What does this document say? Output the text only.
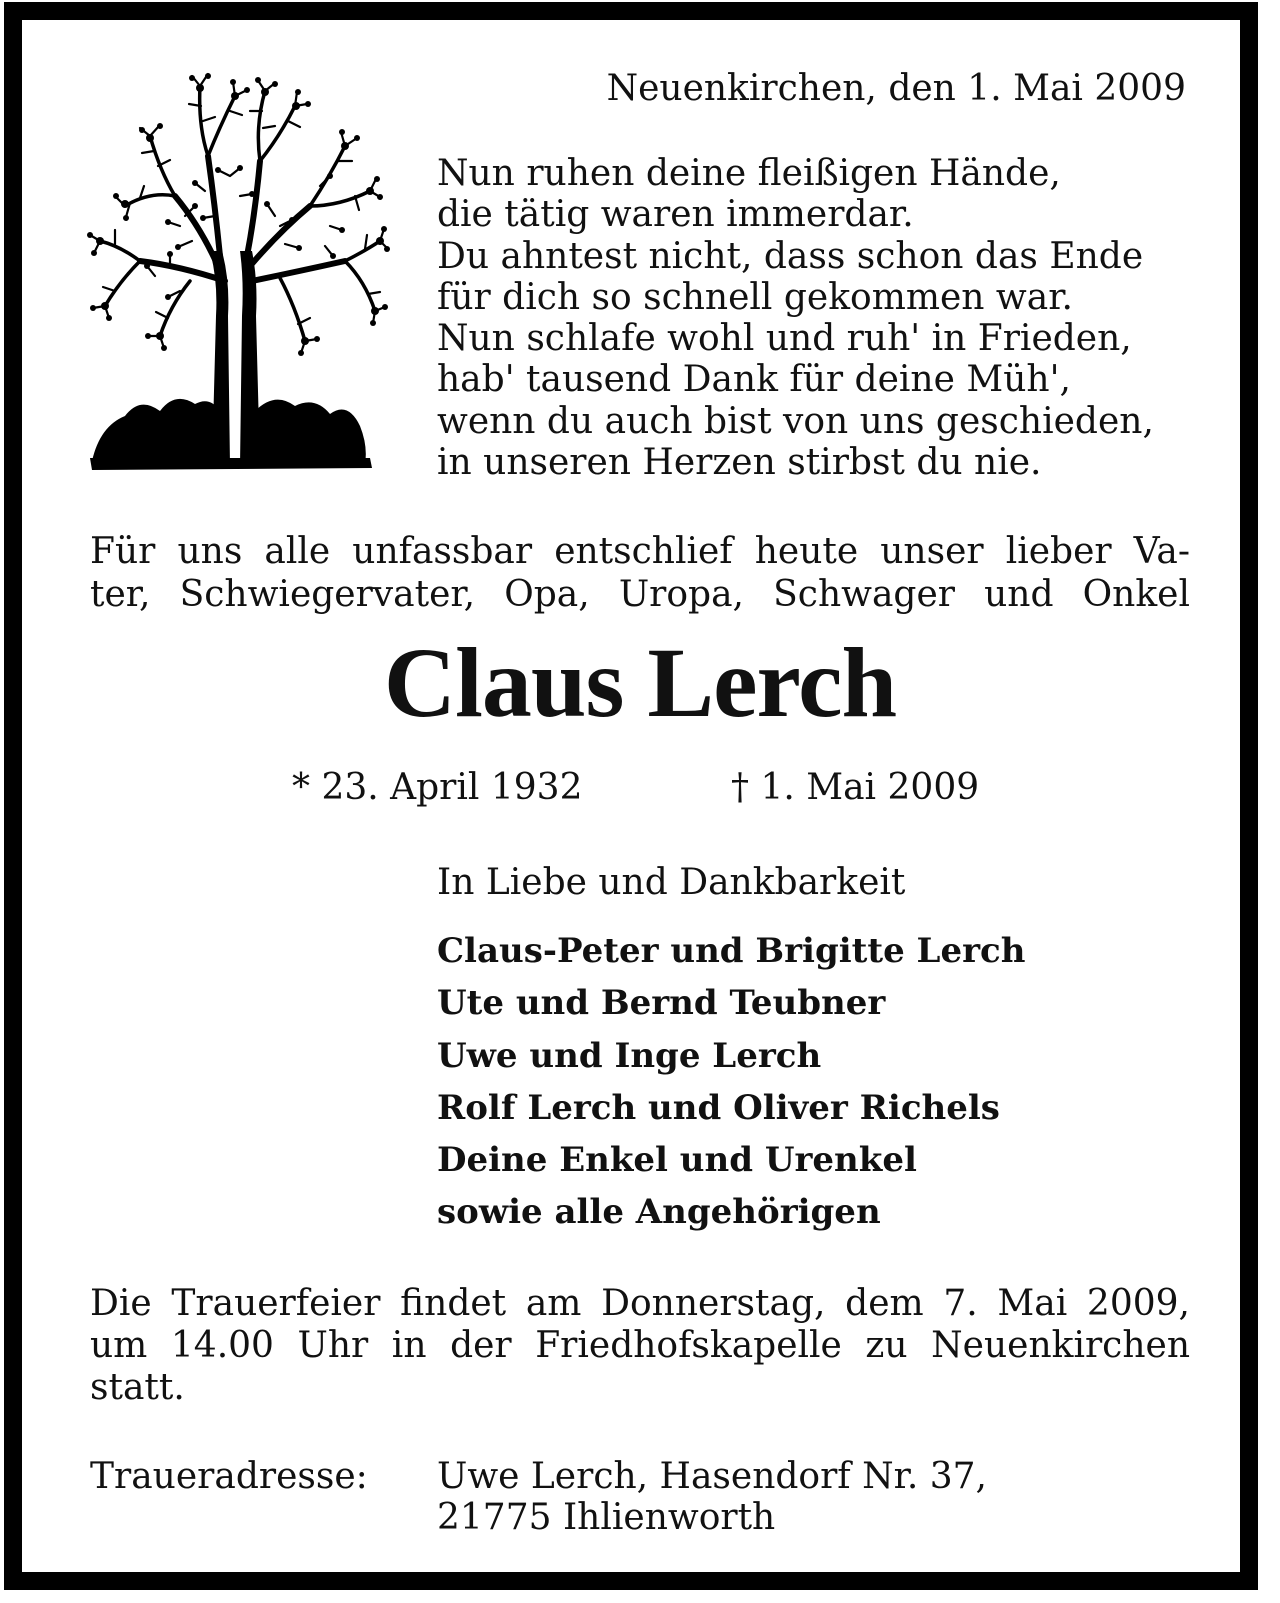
Neuenkirchen, den 1. Mai 2009
Nun ruhen deine fleißigen Hände,
die tätig waren immerdar.
Du ahntest nicht, dass schon das Ende
für dich so schnell gekommen war.
Nun schlafe wohl und ruh' in Frieden,
hab' tausend Dank für deine Müh',
wenn du auch bist von uns geschieden,
in unseren Herzen stirbst du nie.
Für uns alle unfassbar entschlief heute unser lieber Va-
ter, Schwiegervater, Opa, Uropa, Schwager und Onkel
Claus Lerch
* 23. April 1932	† 1. Mai 2009
In Liebe und Dankbarkeit
Claus-Peter und Brigitte Lerch
Ute und Bernd Teubner
Uwe und Inge Lerch
Rolf Lerch und Oliver Richels
Deine Enkel und Urenkel
sowie alle Angehörigen
Die Trauerfeier findet am Donnerstag, dem 7. Mai 2009,
um 14.00 Uhr in der Friedhofskapelle zu Neuenkirchen
statt.
Traueradresse: Uwe Lerch, Hasendorf Nr. 37,
21775 Ihlienworth
